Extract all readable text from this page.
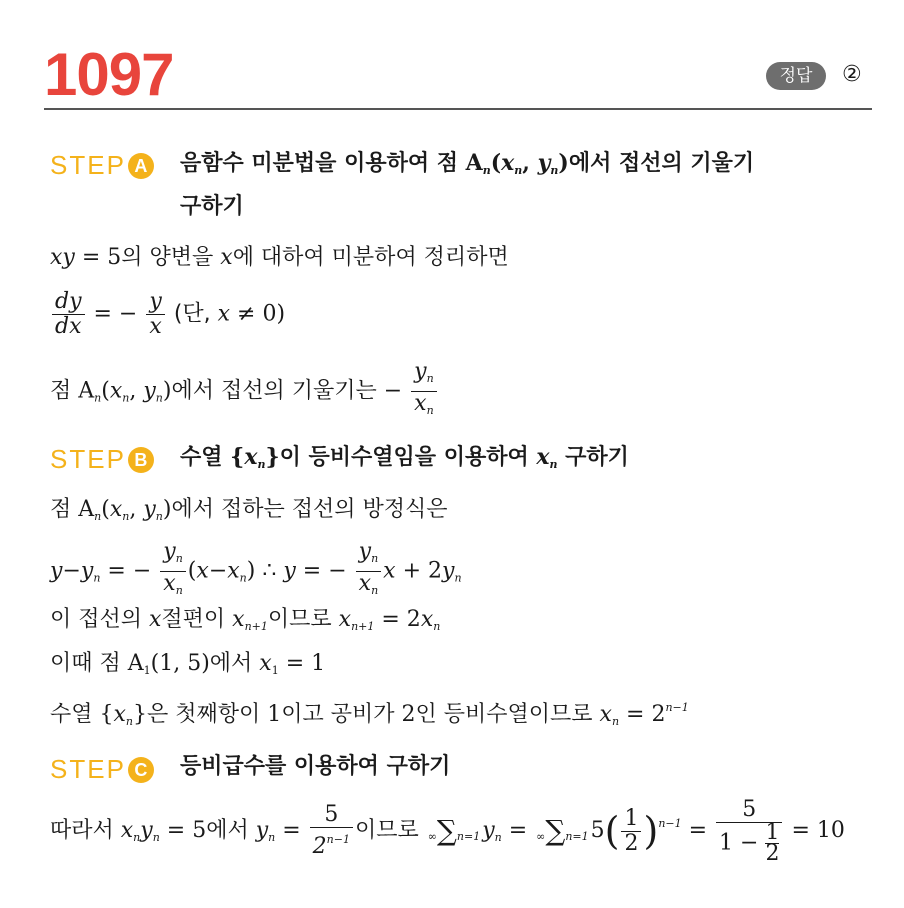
1097	정답	②
STEP A 음함수 미분법을 이용하여 점 $A_n(x_n$, $y_n$)에서 접선의 기울기
구하기
xy = 5의 양변을 x에 대하여 미분하여 정리하면
$\frac{dy}{dx}$ = − $\frac{y}{x}$ (단, x ≠ 0)
점 $A_n(x_n$, $y_n$)에서 접선의 기울기는 − $\frac{y_n}{x_n}$
STEP B 수열 $\{x_n\}$이 등비수열임을 이용하여 $x_n$ 구하기
점 $A_n(x_n$, $y_n$)에서 접하는 접선의 방정식은
$y-y_n$ = − $\frac{y_n}{x_n} (x-x_n)$ ∴ y = − $\frac{y_n}{x_n}$ $x + 2y_n$
이 접선의 x절편이 $x_{n+1}$이므로 $x_{n+1} = 2x_n$
이때 점 $A_1(1$, 5)에서 $x_1 = 1$
수열 $\{x_n\}$은 첫째항이 1이고 공비가 2인 등비수열이므로 $x_n = 2^{n-1}$
STEP C 등비급수를 이용하여 구하기
따라서 $x_ny_n = 5$에서 $y_n = \frac{5}{2^{n-1}}$ 이므로 $\infty\sum n=1y_n = \infty\sum n=15( \frac{1}{2} )^{n-1} = \frac{5}{1 - \frac{1}{2}} = 10$
